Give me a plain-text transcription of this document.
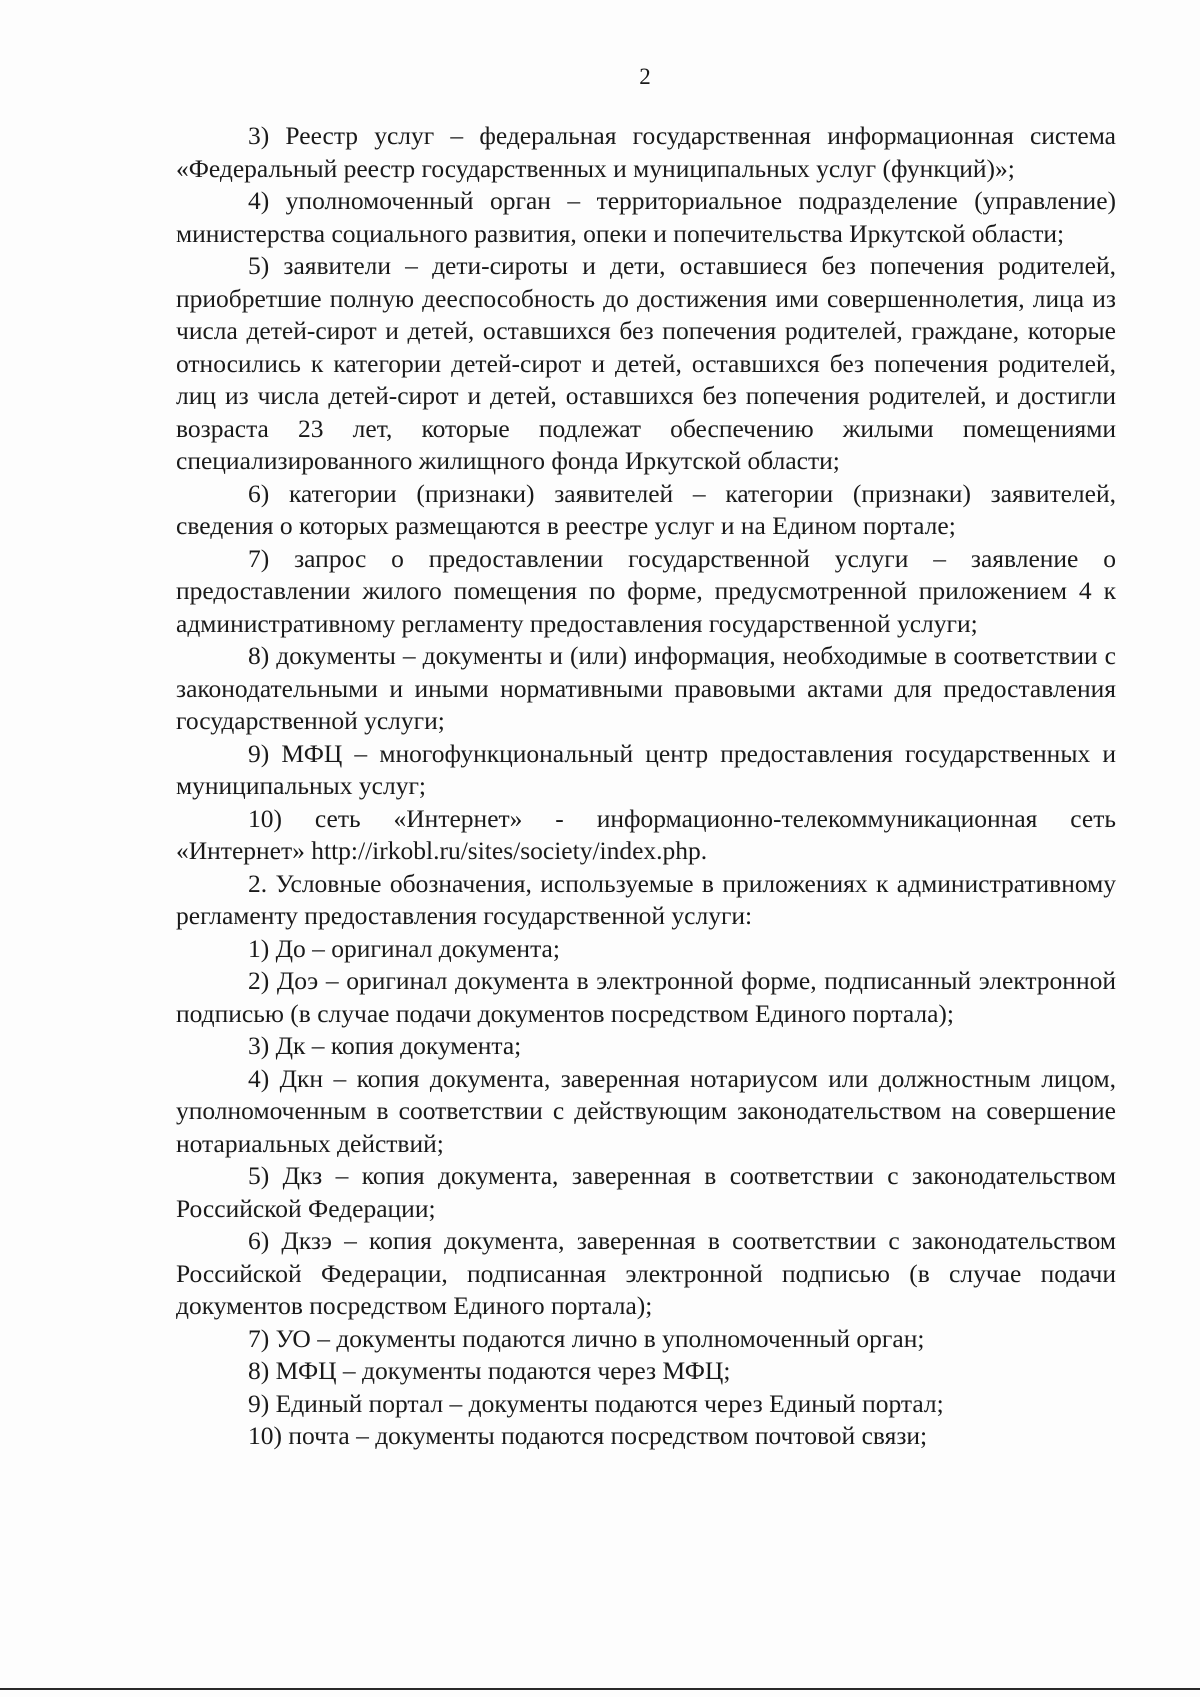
2

3) Реестр услуг – федеральная государственная информационная система «Федеральный реестр государственных и муниципальных услуг (функций)»;

4) уполномоченный орган – территориальное подразделение (управление) министерства социального развития, опеки и попечительства Иркутской области;

5) заявители – дети-сироты и дети, оставшиеся без попечения родителей, приобретшие полную дееспособность до достижения ими совершеннолетия, лица из числа детей-сирот и детей, оставшихся без попечения родителей, граждане, которые относились к категории детей-сирот и детей, оставшихся без попечения родителей, лиц из числа детей-сирот и детей, оставшихся без попечения родителей, и достигли возраста 23 лет, которые подлежат обеспечению жилыми помещениями специализированного жилищного фонда Иркутской области;

6) категории (признаки) заявителей – категории (признаки) заявителей, сведения о которых размещаются в реестре услуг и на Едином портале;

7) запрос о предоставлении государственной услуги – заявление о предоставлении жилого помещения по форме, предусмотренной приложением 4 к административному регламенту предоставления государственной услуги;

8) документы – документы и (или) информация, необходимые в соответствии с законодательными и иными нормативными правовыми актами для предоставления государственной услуги;

9) МФЦ – многофункциональный центр предоставления государственных и муниципальных услуг;

10) сеть «Интернет» - информационно-телекоммуникационная сеть «Интернет» http://irkobl.ru/sites/society/index.php.

2. Условные обозначения, используемые в приложениях к административному регламенту предоставления государственной услуги:

1) До – оригинал документа;

2) Доэ – оригинал документа в электронной форме, подписанный электронной подписью (в случае подачи документов посредством Единого портала);

3) Дк – копия документа;

4) Дкн – копия документа, заверенная нотариусом или должностным лицом, уполномоченным в соответствии с действующим законодательством на совершение нотариальных действий;

5) Дкз – копия документа, заверенная в соответствии с законодательством Российской Федерации;

6) Дкзэ – копия документа, заверенная в соответствии с законодательством Российской Федерации, подписанная электронной подписью (в случае подачи документов посредством Единого портала);

7) УО – документы подаются лично в уполномоченный орган;

8) МФЦ – документы подаются через МФЦ;

9) Единый портал – документы подаются через Единый портал;

10) почта – документы подаются посредством почтовой связи;
